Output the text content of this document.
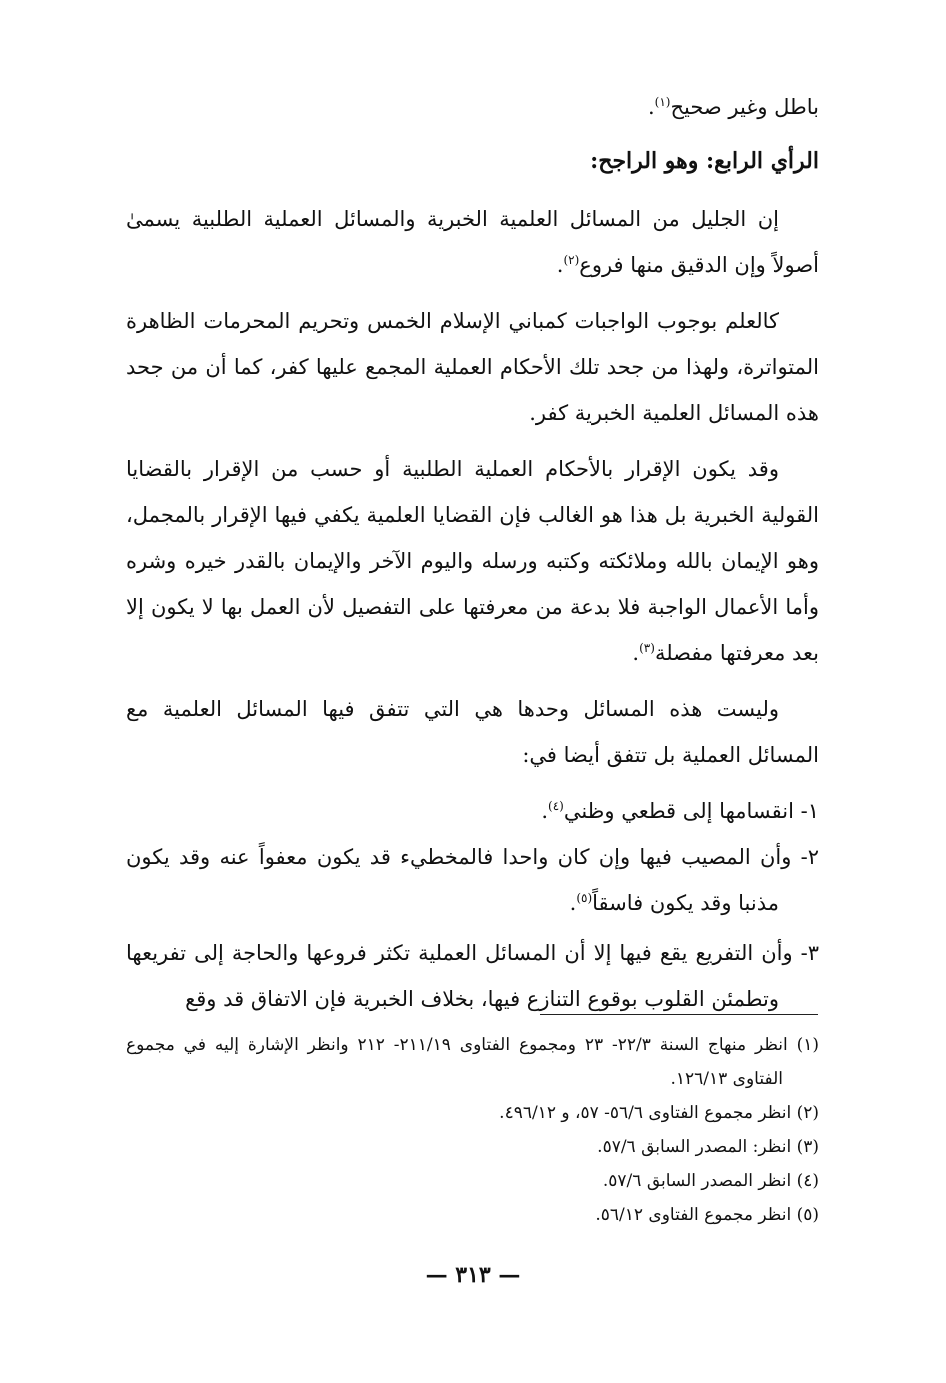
باطل وغير صحيح$^{(١)}$.

الرأي الرابع: وهو الراجح:

إن الجليل من المسائل العلمية الخبرية والمسائل العملية الطلبية يسمىٰ أصولاً وإن الدقيق منها فروع$^{(٢)}$.

كالعلم بوجوب الواجبات كمباني الإسلام الخمس وتحريم المحرمات الظاهرة المتواترة، ولهذا من جحد تلك الأحكام العملية المجمع عليها كفر، كما أن من جحد هذه المسائل العلمية الخبرية كفر.

وقد يكون الإقرار بالأحكام العملية الطلبية أو حسب من الإقرار بالقضايا القولية الخبرية بل هذا هو الغالب فإن القضايا العلمية يكفي فيها الإقرار بالمجمل، وهو الإيمان بالله وملائكته وكتبه ورسله واليوم الآخر والإيمان بالقدر خيره وشره وأما الأعمال الواجبة فلا بدعة من معرفتها على التفصيل لأن العمل بها لا يكون إلا بعد معرفتها مفصلة$^{(٣)}$.

وليست هذه المسائل وحدها هي التي تتفق فيها المسائل العلمية مع المسائل العملية بل تتفق أيضا في:

١- انقسامها إلى قطعي وظني$^{(٤)}$.

٢- وأن المصيب فيها وإن كان واحدا فالمخطيء قد يكون معفواً عنه وقد يكون مذنبا وقد يكون فاسقاً$^{(٥)}$.

٣- وأن التفريع يقع فيها إلا أن المسائل العملية تكثر فروعها والحاجة إلى تفريعها وتطمئن القلوب بوقوع التنازع فيها، بخلاف الخبرية فإن الاتفاق قد وقع

(١) انظر منهاج السنة ٢٢/٣- ٢٣ ومجموع الفتاوى ٢١١/١٩- ٢١٢ وانظر الإشارة إليه في مجموع الفتاوى ١٢٦/١٣.

(٢) انظر مجموع الفتاوى ٥٦/٦- ٥٧، و ٤٩٦/١٢.

(٣) انظر: المصدر السابق ٥٧/٦.

(٤) انظر المصدر السابق ٥٧/٦.

(٥) انظر مجموع الفتاوى ٥٦/١٢.

— ٣١٣ —
